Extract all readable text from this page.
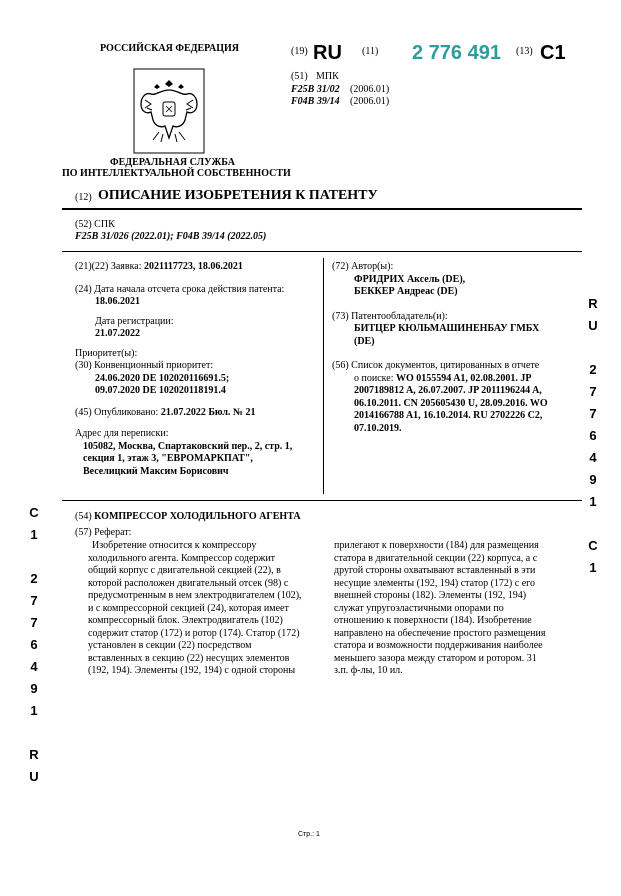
РОССИЙСКАЯ ФЕДЕРАЦИЯ
ФЕДЕРАЛЬНАЯ СЛУЖБА
ПО ИНТЕЛЛЕКТУАЛЬНОЙ СОБСТВЕННОСТИ
(19) RU (11) 2 776 491 (13) C1
(51) МПК
F25B 31/02 (2006.01)
F04B 39/14 (2006.01)
(12) ОПИСАНИЕ ИЗОБРЕТЕНИЯ К ПАТЕНТУ
(52) СПК
F25B 31/026 (2022.01); F04B 39/14 (2022.05)
(21)(22) Заявка: 2021117723, 18.06.2021
(24) Дата начала отсчета срока действия патента:
18.06.2021
Дата регистрации:
21.07.2022
Приоритет(ы):
(30) Конвенционный приоритет:
24.06.2020 DE 102020116691.5;
09.07.2020 DE 102020118191.4
(45) Опубликовано: 21.07.2022 Бюл. № 21
Адрес для переписки:
105082, Москва, Спартаковский пер., 2, стр. 1,
секция 1, этаж 3, "ЕВРОМАРКПАТ",
Веселицкий Максим Борисович
(72) Автор(ы):
ФРИДРИХ Аксель (DE),
БЕККЕР Андреас (DE)
(73) Патентообладатель(и):
БИТЦЕР КЮЛЬМАШИНЕНБАУ ГМБХ
(DE)
(56) Список документов, цитированных в отчете
о поиске: WO 0155594 A1, 02.08.2001. JP
2007189812 A, 26.07.2007. JP 2011196244 A,
06.10.2011. CN 205605430 U, 28.09.2016. WO
2014166788 A1, 16.10.2014. RU 2702226 C2,
07.10.2019.
(54) КОМПРЕССОР ХОЛОДИЛЬНОГО АГЕНТА
(57) Реферат:
Изобретение относится к компрессору
холодильного агента. Компрессор содержит
общий корпус с двигательной секцией (22), в
которой расположен двигательный отсек (98) с
предусмотренным в нем электродвигателем (102),
и с компрессорной секцией (24), которая имеет
компрессорный блок. Электродвигатель (102)
содержит статор (172) и ротор (174). Статор (172)
установлен в секции (22) посредством
вставленных в секцию (22) несущих элементов
(192, 194). Элементы (192, 194) с одной стороны
прилегают к поверхности (184) для размещения
статора в двигательной секции (22) корпуса, а с
другой стороны охватывают вставленный в эти
несущие элементы (192, 194) статор (172) с его
внешней стороны (182). Элементы (192, 194)
служат упругоэластичными опорами по
отношению к поверхности (184). Изобретение
направлено на обеспечение простого размещения
статора и возможности поддерживания наиболее
меньшего зазора между статором и ротором. 31
з.п. ф-лы, 10 ил.
R
U
2
7
7
6
4
9
1
C
1
C
1
2
7
7
6
4
9
1
R
U
Стр.: 1
